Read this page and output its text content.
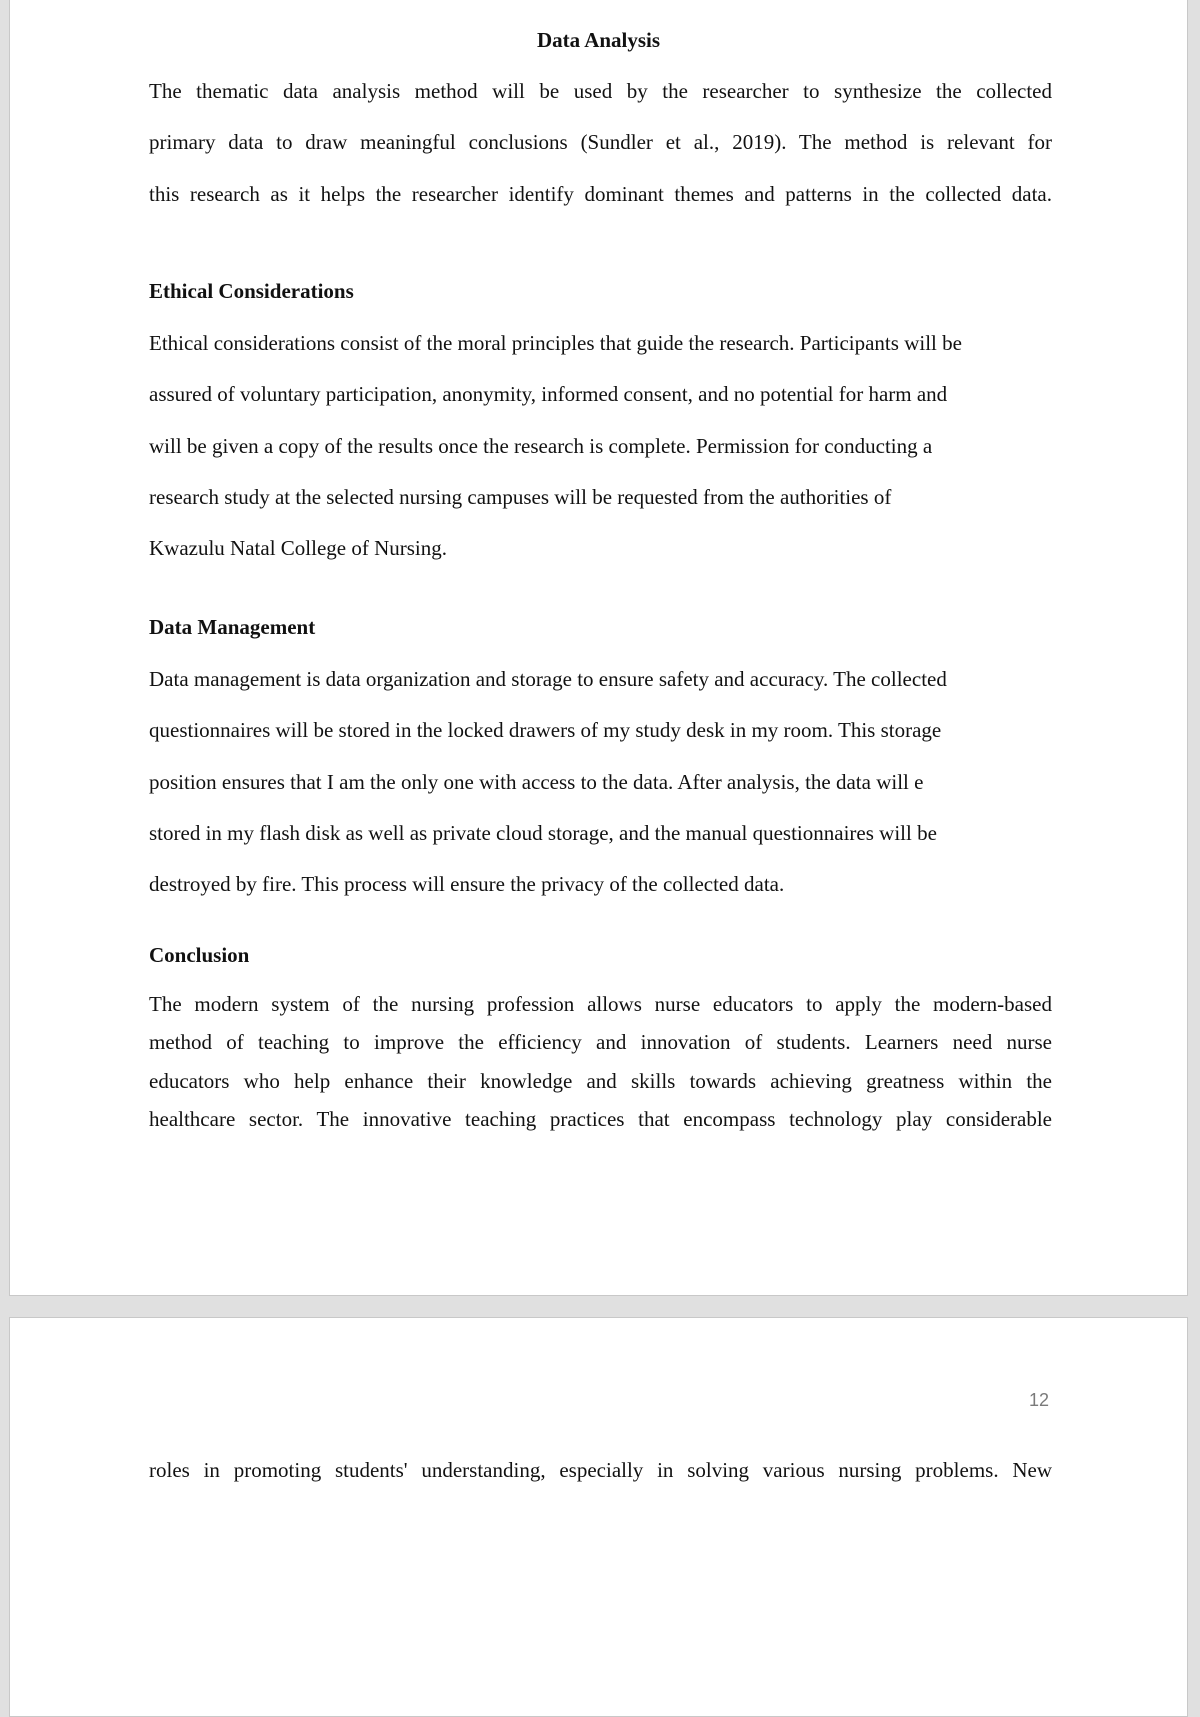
Data Analysis
The thematic data analysis method will be used by the researcher to synthesize the collected
primary data to draw meaningful conclusions (Sundler et al., 2019). The method is relevant for
this research as it helps the researcher identify dominant themes and patterns in the collected data.
Ethical Considerations
Ethical considerations consist of the moral principles that guide the research. Participants will be
assured of voluntary participation, anonymity, informed consent, and no potential for harm and
will be given a copy of the results once the research is complete. Permission for conducting a
research study at the selected nursing campuses will be requested from the authorities of
Kwazulu Natal College of Nursing.
Data Management
Data management is data organization and storage to ensure safety and accuracy. The collected
questionnaires will be stored in the locked drawers of my study desk in my room. This storage
position ensures that I am the only one with access to the data. After analysis, the data will e
stored in my flash disk as well as private cloud storage, and the manual questionnaires will be
destroyed by fire. This process will ensure the privacy of the collected data.
Conclusion
The modern system of the nursing profession allows nurse educators to apply the modern-based
method of teaching to improve the efficiency and innovation of students. Learners need nurse
educators who help enhance their knowledge and skills towards achieving greatness within the
healthcare sector. The innovative teaching practices that encompass technology play considerable
12
roles in promoting students' understanding, especially in solving various nursing problems. New
